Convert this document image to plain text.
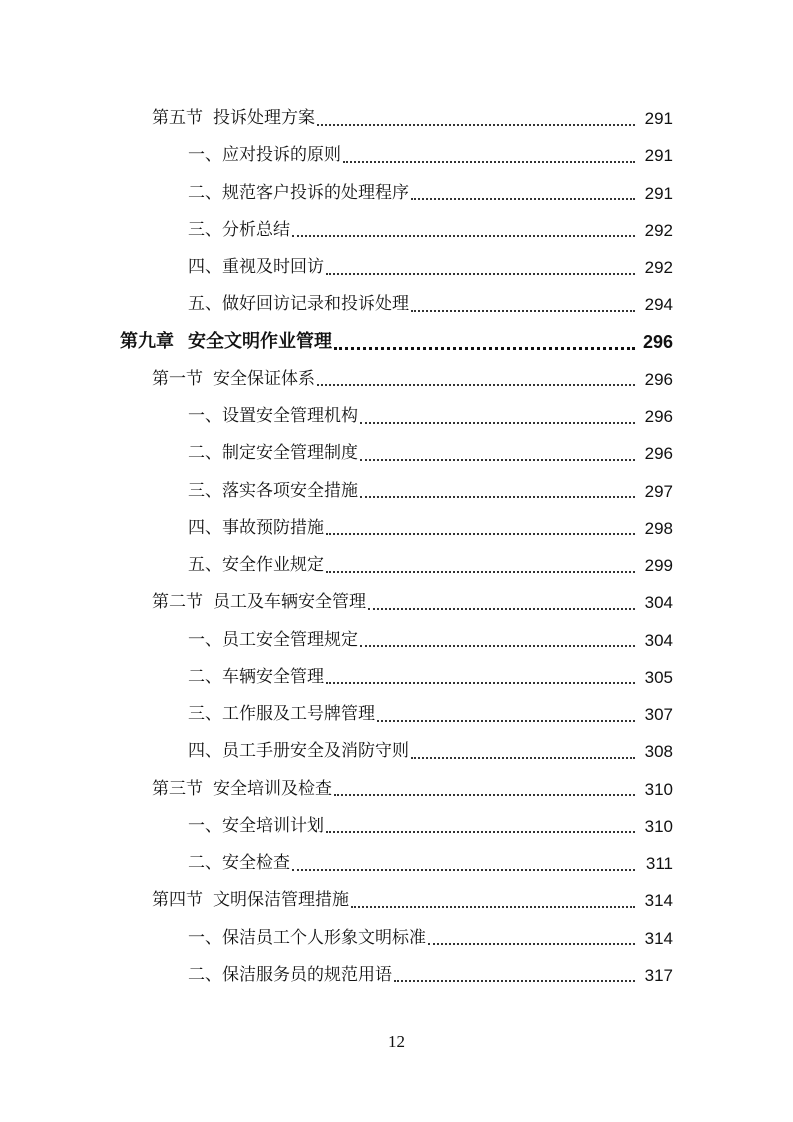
第五节 投诉处理方案	291
一、 应对投诉的原则	291
二、 规范客户投诉的处理程序	291
三、 分析总结	292
四、 重视及时回访	292
五、 做好回访记录和投诉处理	294
第九章 安全文明作业管理	296
第一节 安全保证体系	296
一、 设置安全管理机构	296
二、 制定安全管理制度	296
三、 落实各项安全措施	297
四、 事故预防措施	298
五、 安全作业规定	299
第二节 员工及车辆安全管理	304
一、 员工安全管理规定	304
二、 车辆安全管理	305
三、 工作服及工号牌管理	307
四、 员工手册安全及消防守则	308
第三节 安全培训及检查	310
一、 安全培训计划	310
二、 安全检查	311
第四节 文明保洁管理措施	314
一、 保洁员工个人形象文明标准	314
二、 保洁服务员的规范用语	317
12
